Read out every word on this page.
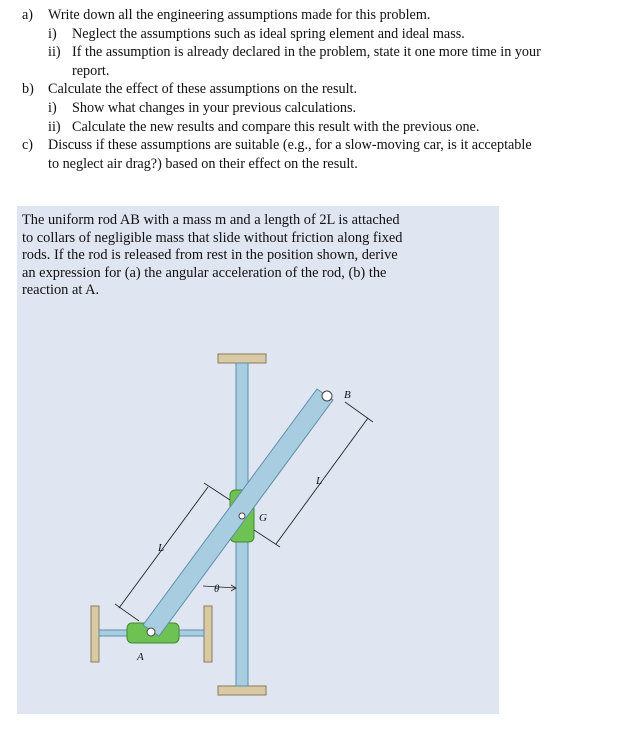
a)	Write down all the engineering assumptions made for this problem.
i)	Neglect the assumptions such as ideal spring element and ideal mass.
ii) If the assumption is already declared in the problem, state it one more time in your
report.
b) Calculate the effect of these assumptions on the result.
i)	Show what changes in your previous calculations.
ii) Calculate the new results and compare this result with the previous one.
c)	Discuss if these assumptions are suitable (e.g., for a slow-moving car, is it acceptable
to neglect air drag?) based on their effect on the result.
The uniform rod AB with a mass m and a length of 2L is attached
to collars of negligible mass that slide without friction along fixed
rods. If the rod is released from rest in the position shown, derive
an expression for (a) the angular acceleration of the rod, (b) the
reaction at A.
B
L
G
L
θ
A
